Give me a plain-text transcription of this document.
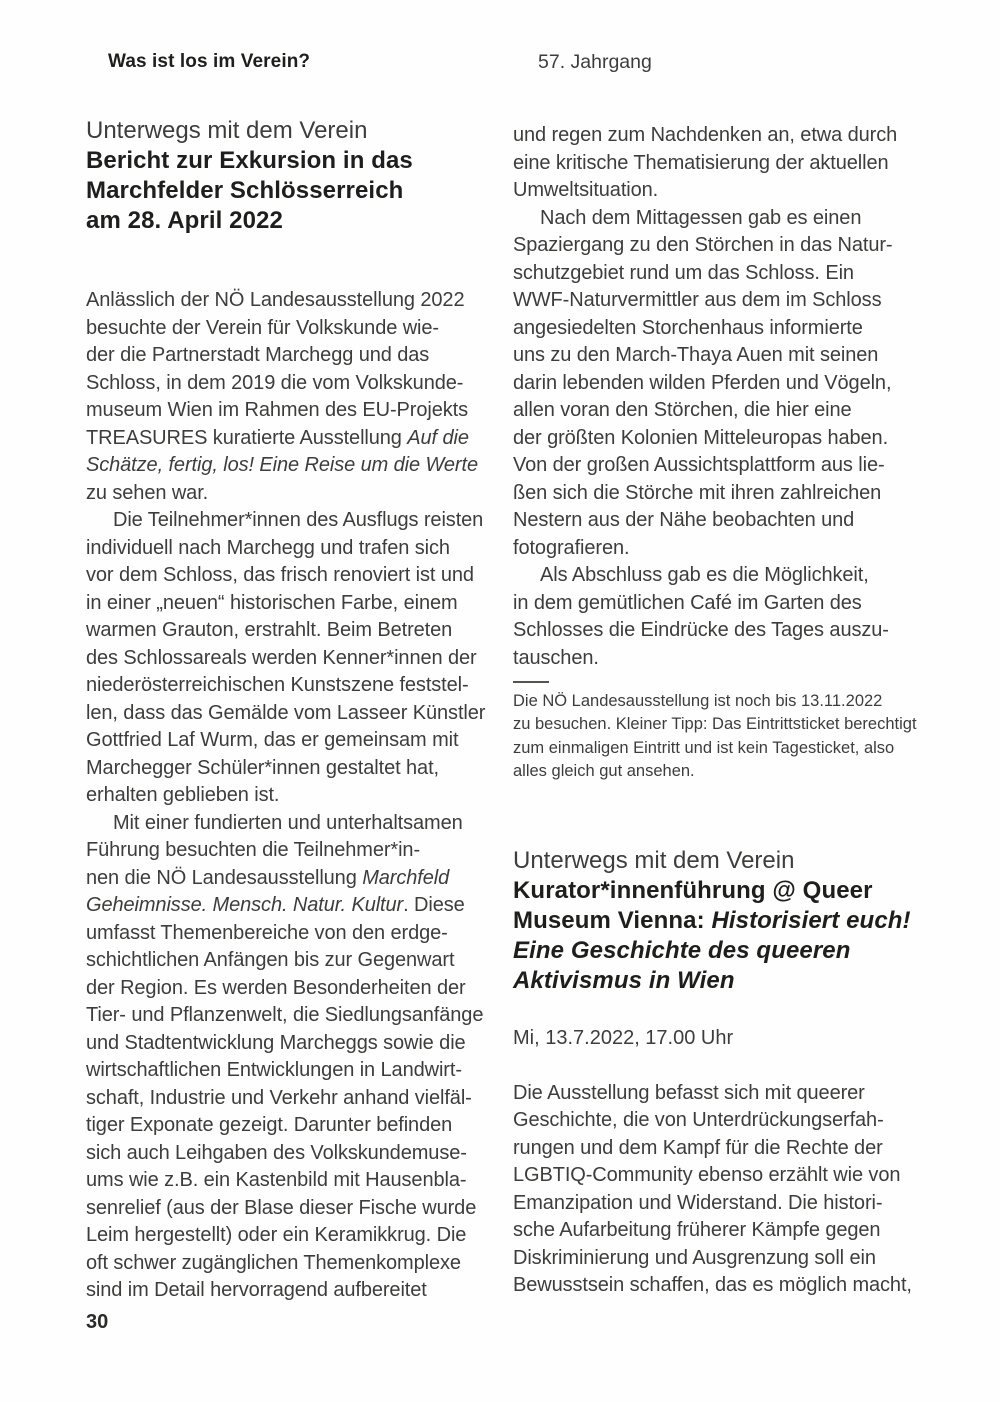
Was ist los im Verein?	57. Jahrgang
Unterwegs mit dem Verein
Bericht zur Exkursion in das
Marchfelder Schlösserreich
am 28. April 2022
Anlässlich der NÖ Landesausstellung 2022
besuchte der Verein für Volkskunde wie-
der die Partnerstadt Marchegg und das
Schloss, in dem 2019 die vom Volkskunde-
museum Wien im Rahmen des EU-Projekts
TREASURES kuratierte Ausstellung Auf die
Schätze, fertig, los! Eine Reise um die Werte
zu sehen war.
Die Teilnehmer*innen des Ausflugs reisten
individuell nach Marchegg und trafen sich
vor dem Schloss, das frisch renoviert ist und
in einer „neuen“ historischen Farbe, einem
warmen Grauton, erstrahlt. Beim Betreten
des Schlossareals werden Kenner*innen der
niederösterreichischen Kunstszene feststel-
len, dass das Gemälde vom Lasseer Künstler
Gottfried Laf Wurm, das er gemeinsam mit
Marchegger Schüler*innen gestaltet hat,
erhalten geblieben ist.
Mit einer fundierten und unterhaltsamen
Führung besuchten die Teilnehmer*in-
nen die NÖ Landesausstellung Marchfeld
Geheimnisse. Mensch. Natur. Kultur. Diese
umfasst Themenbereiche von den erdge-
schichtlichen Anfängen bis zur Gegenwart
der Region. Es werden Besonderheiten der
Tier- und Pflanzenwelt, die Siedlungsanfänge
und Stadtentwicklung Marcheggs sowie die
wirtschaftlichen Entwicklungen in Landwirt-
schaft, Industrie und Verkehr anhand vielfäl-
tiger Exponate gezeigt. Darunter befinden
sich auch Leihgaben des Volkskundemuse-
ums wie z.B. ein Kastenbild mit Hausenbla-
senrelief (aus der Blase dieser Fische wurde
Leim hergestellt) oder ein Keramikkrug. Die
oft schwer zugänglichen Themenkomplexe
sind im Detail hervorragend aufbereitet
und regen zum Nachdenken an, etwa durch
eine kritische Thematisierung der aktuellen
Umweltsituation.
Nach dem Mittagessen gab es einen
Spaziergang zu den Störchen in das Natur-
schutzgebiet rund um das Schloss. Ein
WWF-Naturvermittler aus dem im Schloss
angesiedelten Storchenhaus informierte
uns zu den March-Thaya Auen mit seinen
darin lebenden wilden Pferden und Vögeln,
allen voran den Störchen, die hier eine
der größten Kolonien Mitteleuropas haben.
Von der großen Aussichtsplattform aus lie-
ßen sich die Störche mit ihren zahlreichen
Nestern aus der Nähe beobachten und
fotografieren.
Als Abschluss gab es die Möglichkeit,
in dem gemütlichen Café im Garten des
Schlosses die Eindrücke des Tages auszu-
tauschen.
Die NÖ Landesausstellung ist noch bis 13.11.2022
zu besuchen. Kleiner Tipp: Das Eintrittsticket berechtigt
zum einmaligen Eintritt und ist kein Tagesticket, also
alles gleich gut ansehen.
Unterwegs mit dem Verein
Kurator*innenführung @ Queer
Museum Vienna: Historisiert euch!
Eine Geschichte des queeren
Aktivismus in Wien
Mi, 13.7.2022, 17.00 Uhr
Die Ausstellung befasst sich mit queerer
Geschichte, die von Unterdrückungserfah-
rungen und dem Kampf für die Rechte der
LGBTIQ-Community ebenso erzählt wie von
Emanzipation und Widerstand. Die histori-
sche Aufarbeitung früherer Kämpfe gegen
Diskriminierung und Ausgrenzung soll ein
Bewusstsein schaffen, das es möglich macht,
30
